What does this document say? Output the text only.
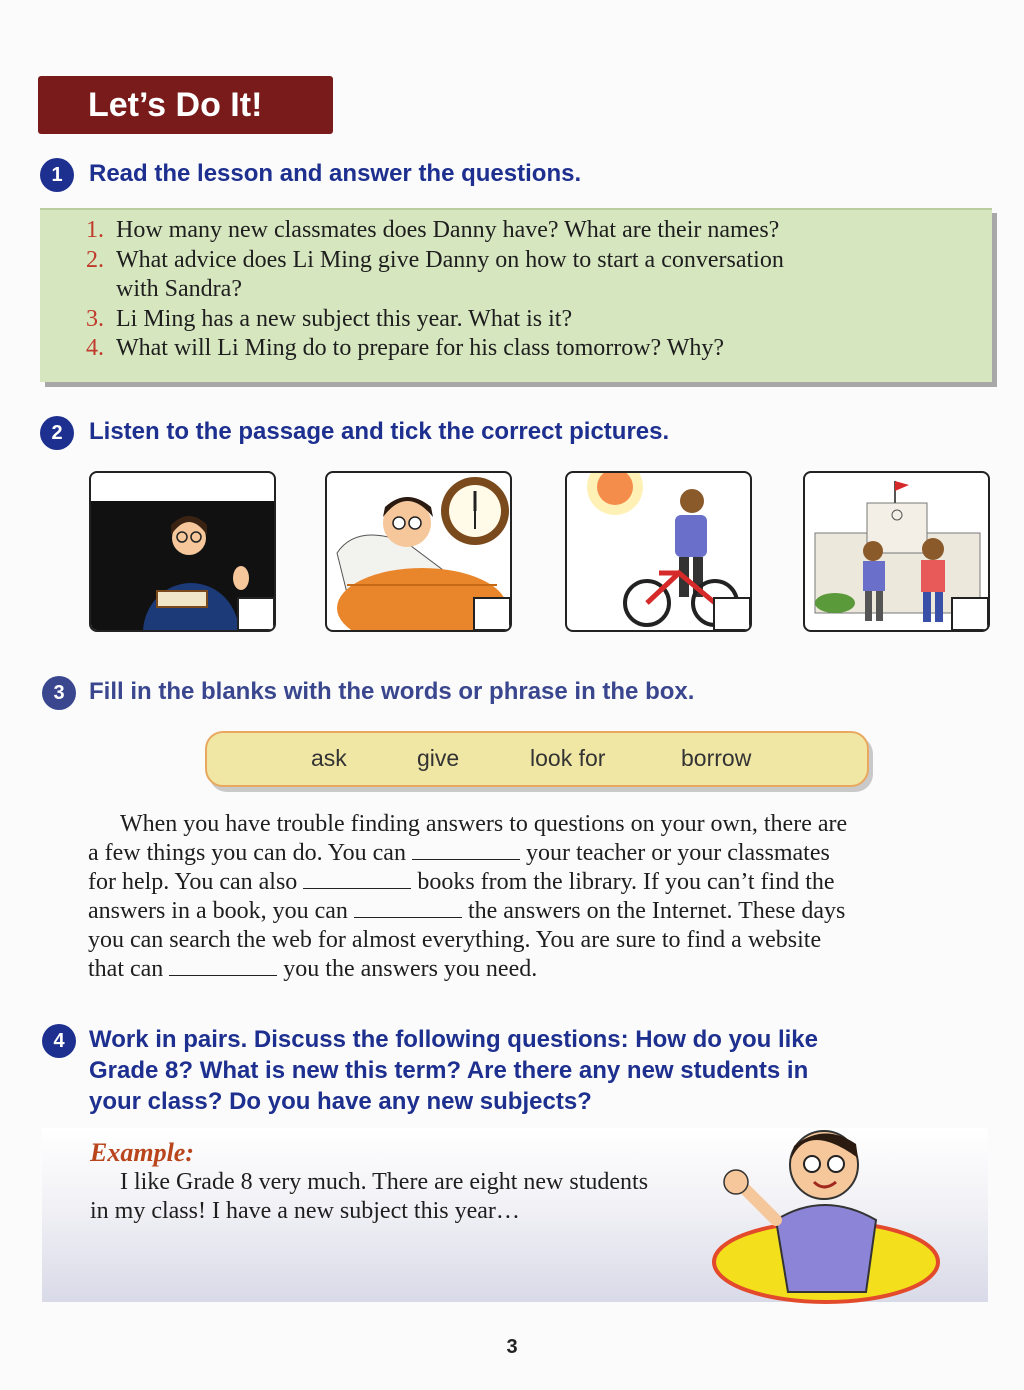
Let’s Do It!
1	Read the lesson and answer the questions.
1. How many new classmates does Danny have? What are their names?
2. What advice does Li Ming give Danny on how to start a conversation
with Sandra?
3. Li Ming has a new subject this year. What is it?
4. What will Li Ming do to prepare for his class tomorrow? Why?
2	Listen to the passage and tick the correct pictures.
3	Fill in the blanks with the words or phrase in the box.
ask	give	look for	borrow
When you have trouble finding answers to questions on your own, there are
a few things you can do. You can	your teacher or your classmates
for help. You can also	books from the library. If you can’t find the
answers in a book, you can	the answers on the Internet. These days
you can search the web for almost everything. You are sure to find a website
that can	you the answers you need.
4	Work in pairs. Discuss the following questions: How do you like
Grade 8? What is new this term? Are there any new students in
your class? Do you have any new subjects?
Example:
I like Grade 8 very much. There are eight new students in my class! I have a new subject this year…
3
